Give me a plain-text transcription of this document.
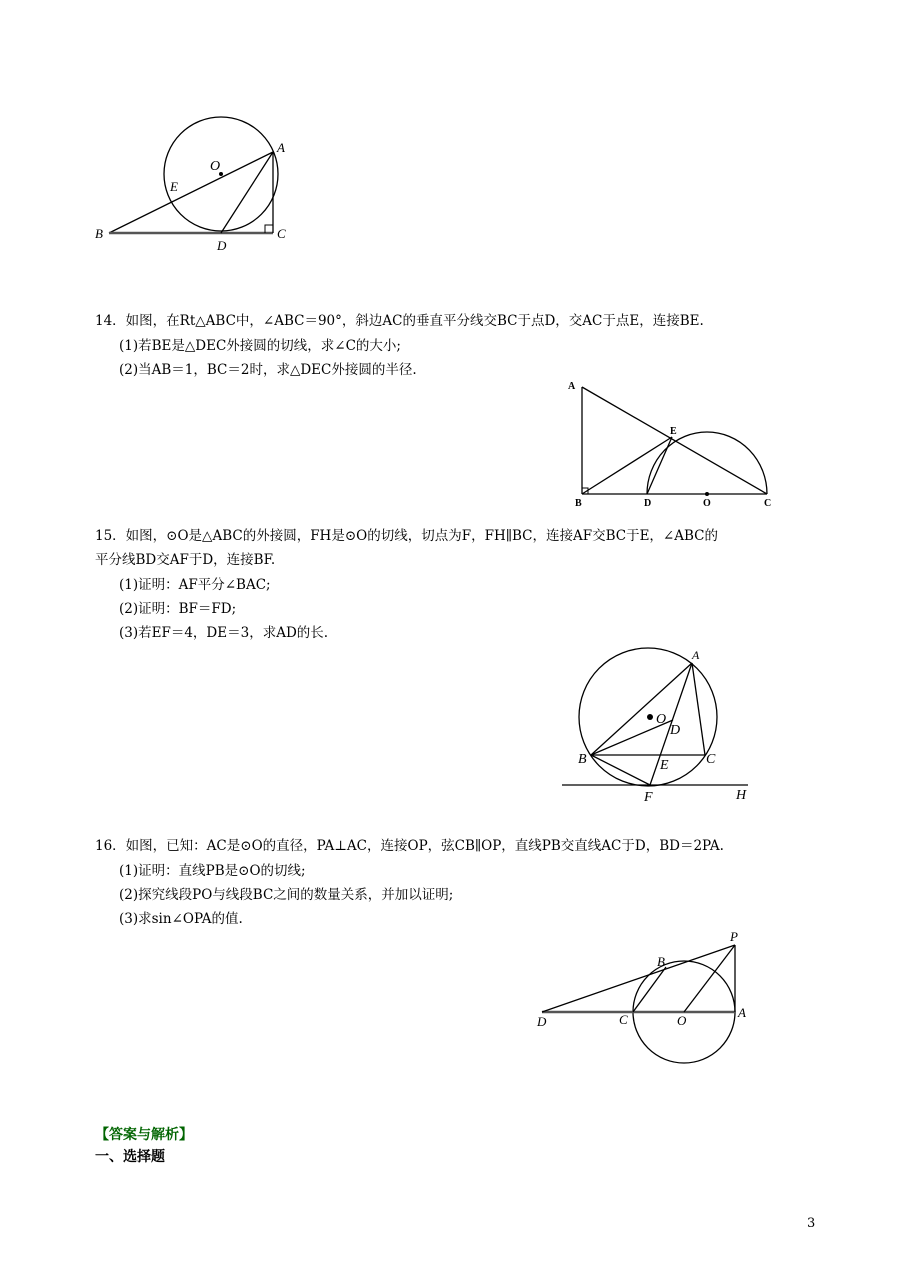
O
A
E
B
D
C
14．如图，在Rt△ABC中，∠ABC＝90°，斜边AC的垂直平分线交BC于点D，交AC于点E，连接BE.
(1)若BE是△DEC外接圆的切线，求∠C的大小;
(2)当AB＝1，BC＝2时，求△DEC外接圆的半径.
A
E
B	D	O	C
15．如图，⊙O是△ABC的外接圆，FH是⊙O的切线，切点为F，FH∥BC，连接AF交BC于E，∠ABC的
平分线BD交AF于D，连接BF.
(1)证明：AF平分∠BAC;
(2)证明：BF＝FD;
(3)若EF＝4，DE＝3，求AD的长.
A
O
D
B	C
E
F	H
16．如图，已知：AC是⊙O的直径，PA⊥AC，连接OP，弦CB∥OP，直线PB交直线AC于D，BD＝2PA.
(1)证明：直线PB是⊙O的切线;
(2)探究线段PO与线段BC之间的数量关系，并加以证明;
(3)求sin∠OPA的值.
P
B
D	C	O
A
【答案与解析】
一、选择题
3
